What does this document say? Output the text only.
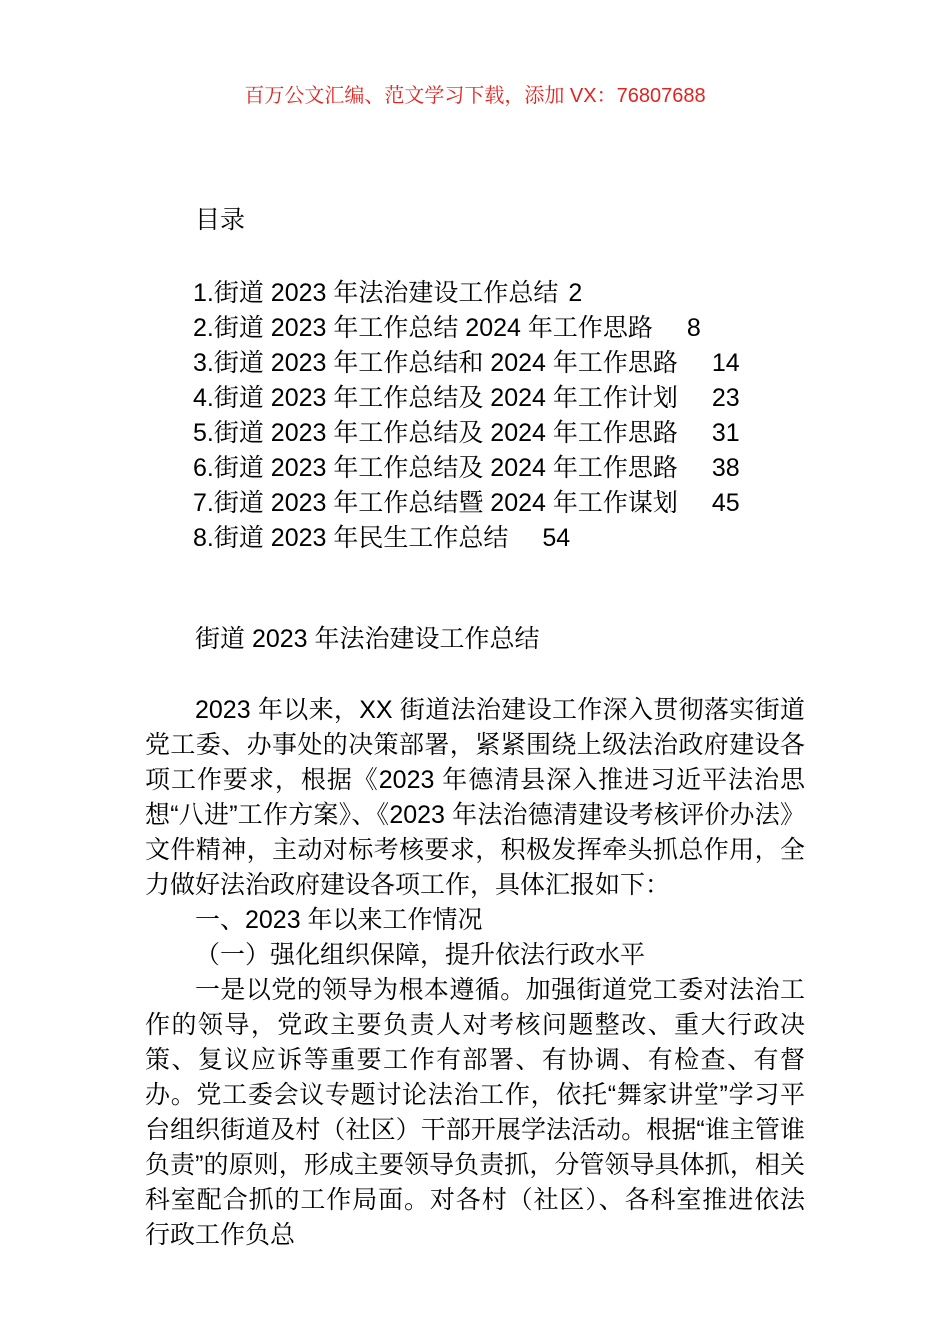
百万公文汇编、范文学习下载，添加 VX：76807688

目录

1.街道 2023 年法治建设工作总结 2

2.街道 2023 年工作总结 2024 年工作思路 8

3.街道 2023 年工作总结和 2024 年工作思路 14

4.街道 2023 年工作总结及 2024 年工作计划 23

5.街道 2023 年工作总结及 2024 年工作思路 31

6.街道 2023 年工作总结及 2024 年工作思路 38

7.街道 2023 年工作总结暨 2024 年工作谋划 45

8.街道 2023 年民生工作总结 54

街道 2023 年法治建设工作总结

2023 年以来，XX 街道法治建设工作深入贯彻落实街道党工委、办事处的决策部署，紧紧围绕上级法治政府建设各项工作要求，根据《2023 年德清县深入推进习近平法治思想“八进”工作方案》、《2023 年法治德清建设考核评价办法》文件精神，主动对标考核要求，积极发挥牵头抓总作用，全力做好法治政府建设各项工作，具体汇报如下：

一、2023 年以来工作情况

（一）强化组织保障，提升依法行政水平

一是以党的领导为根本遵循。加强街道党工委对法治工作的领导，党政主要负责人对考核问题整改、重大行政决策、复议应诉等重要工作有部署、有协调、有检查、有督办。党工委会议专题讨论法治工作，依托“舞家讲堂”学习平台组织街道及村（社区）干部开展学法活动。根据“谁主管谁负责”的原则，形成主要领导负责抓，分管领导具体抓，相关科室配合抓的工作局面。对各村（社区）、各科室推进依法行政工作负总
